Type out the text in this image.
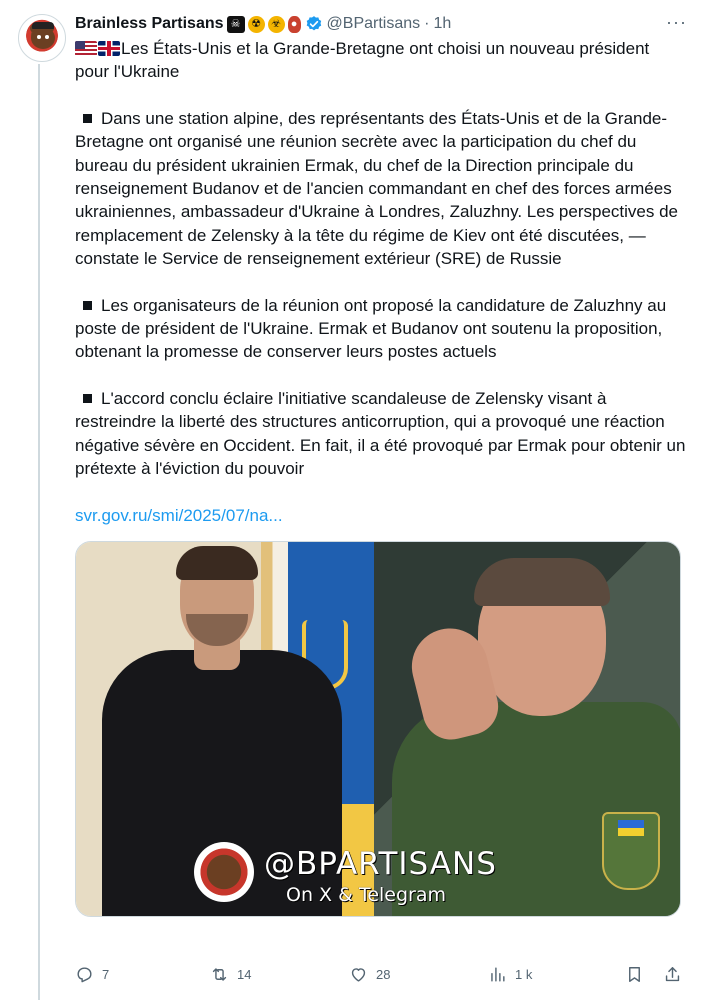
Brainless Partisans ☠ ☢ ☣ ● @BPartisans · 1h	···

Les États-Unis et la Grande-Bretagne ont choisi un nouveau président pour l'Ukraine

Dans une station alpine, des représentants des États-Unis et de la Grande-Bretagne ont organisé une réunion secrète avec la participation du chef du bureau du président ukrainien Ermak, du chef de la Direction principale du renseignement Budanov et de l'ancien commandant en chef des forces armées ukrainiennes, ambassadeur d'Ukraine à Londres, Zaluzhny. Les perspectives de remplacement de Zelensky à la tête du régime de Kiev ont été discutées, — constate le Service de renseignement extérieur (SRE) de Russie

Les organisateurs de la réunion ont proposé la candidature de Zaluzhny au poste de président de l'Ukraine. Ermak et Budanov ont soutenu la proposition, obtenant la promesse de conserver leurs postes actuels

L'accord conclu éclaire l'initiative scandaleuse de Zelensky visant à restreindre la liberté des structures anticorruption, qui a provoqué une réaction négative sévère en Occident. En fait, il a été provoqué par Ermak pour obtenir un prétexte à l'éviction du pouvoir

svr.gov.ru/smi/2025/07/na...
@BPARTISANS
On X & Telegram
7	14	28	1 k
